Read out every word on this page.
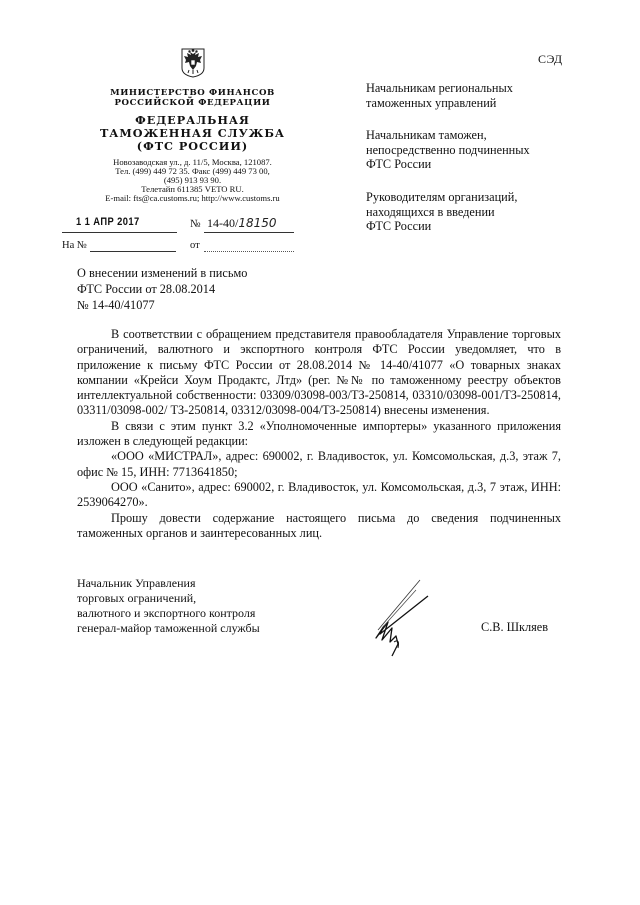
МИНИСТЕРСТВО ФИНАНСОВ
РОССИЙСКОЙ ФЕДЕРАЦИИ
ФЕДЕРАЛЬНАЯ
ТАМОЖЕННАЯ СЛУЖБА
(ФТС РОССИИ)
Новозаводская ул., д. 11/5, Москва, 121087.
Тел. (499) 449 72 35. Факс (499) 449 73 00,
(495) 913 93 90.
Телетайп 611385 VETO RU.
E-mail: fts@ca.customs.ru; http://www.customs.ru
1 1 АПР 2017	№ 14-40/18150
На №	от
СЭД
Начальникам региональных
таможенных управлений
Начальникам таможен,
непосредственно подчиненных
ФТС России
Руководителям организаций,
находящихся в введении
ФТС России
О внесении изменений в письмо
ФТС России от 28.08.2014
№ 14-40/41077

В соответствии с обращением представителя правообладателя Управление торговых ограничений, валютного и экспортного контроля ФТС России уведомляет, что в приложение к письму ФТС России от 28.08.2014 № 14-40/41077 «О товарных знаках компании «Крейси Хоум Продактс, Лтд» (рег. №№ по таможенному реестру объектов интеллектуальной собственности: 03309/03098-003/ТЗ-250814, 03310/03098-001/ТЗ-250814, 03311/03098-002/ ТЗ-250814, 03312/03098-004/ТЗ-250814) внесены изменения.

В связи с этим пункт 3.2 «Уполномоченные импортеры» указанного приложения изложен в следующей редакции:

«ООО «МИСТРАЛ», адрес: 690002, г. Владивосток, ул. Комсомольская, д.3, этаж 7, офис № 15, ИНН: 7713641850;

ООО «Санито», адрес: 690002, г. Владивосток, ул. Комсомольская, д.3, 7 этаж, ИНН: 2539064270».

Прошу довести содержание настоящего письма до сведения подчиненных таможенных органов и заинтересованных лиц.

Начальник Управления
торговых ограничений,
валютного и экспортного контроля
генерал-майор таможенной службы	С.В. Шкляев
